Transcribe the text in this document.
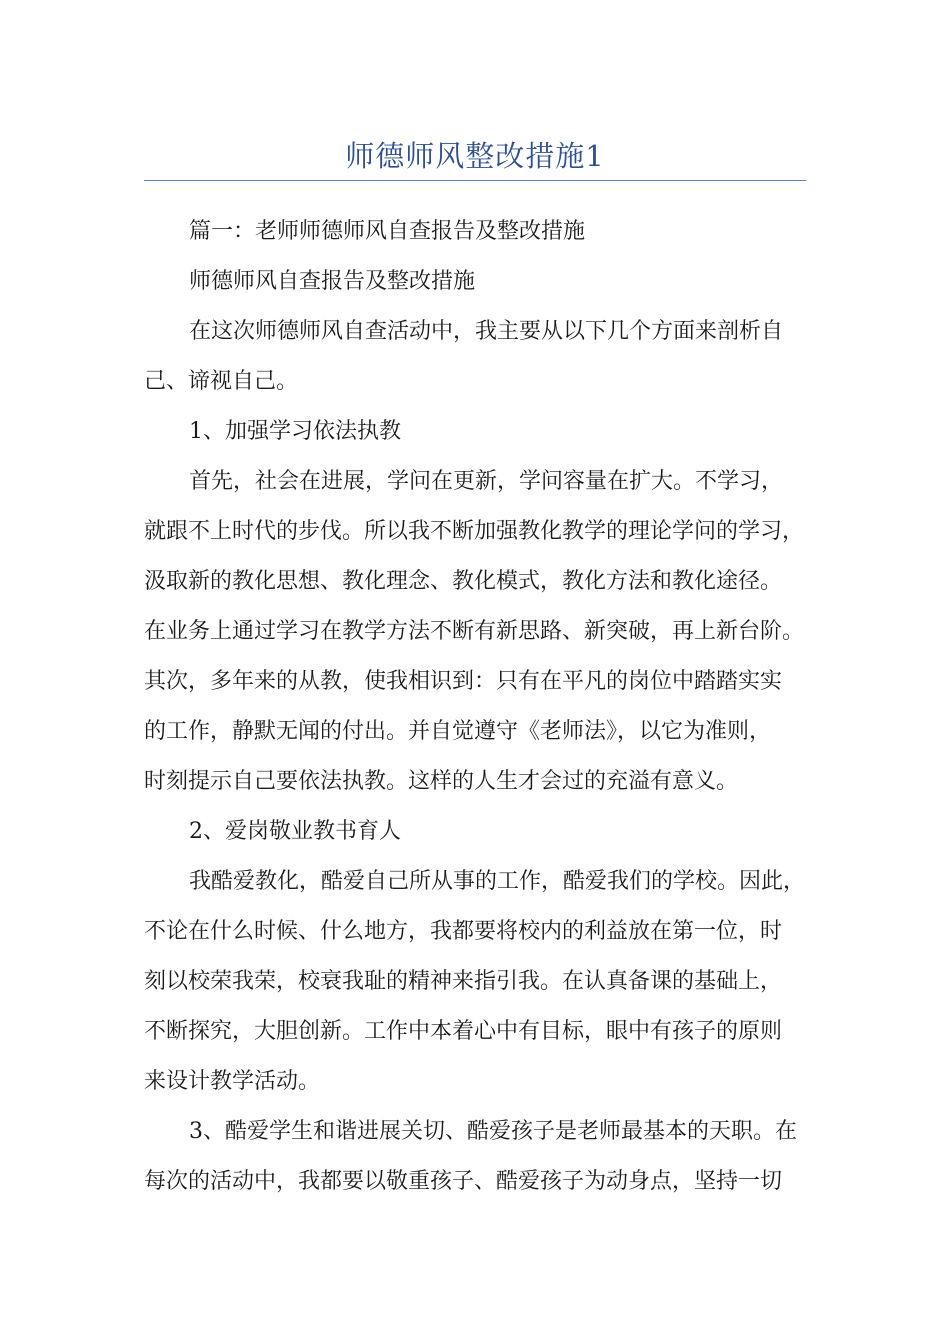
师德师风整改措施1

篇一：老师师德师风自查报告及整改措施

师德师风自查报告及整改措施

在这次师德师风自查活动中，我主要从以下几个方面来剖析自

己、谛视自己。

1、加强学习依法执教

首先，社会在进展，学问在更新，学问容量在扩大。不学习，

就跟不上时代的步伐。所以我不断加强教化教学的理论学问的学习，

汲取新的教化思想、教化理念、教化模式，教化方法和教化途径。

在业务上通过学习在教学方法不断有新思路、新突破，再上新台阶。

其次，多年来的从教，使我相识到：只有在平凡的岗位中踏踏实实

的工作，静默无闻的付出。并自觉遵守《老师法》，以它为准则，

时刻提示自己要依法执教。这样的人生才会过的充溢有意义。

2、爱岗敬业教书育人

我酷爱教化，酷爱自己所从事的工作，酷爱我们的学校。因此，

不论在什么时候、什么地方，我都要将校内的利益放在第一位，时

刻以校荣我荣，校衰我耻的精神来指引我。在认真备课的基础上，

不断探究，大胆创新。工作中本着心中有目标，眼中有孩子的原则

来设计教学活动。

3、酷爱学生和谐进展关切、酷爱孩子是老师最基本的天职。在

每次的活动中，我都要以敬重孩子、酷爱孩子为动身点，坚持一切
